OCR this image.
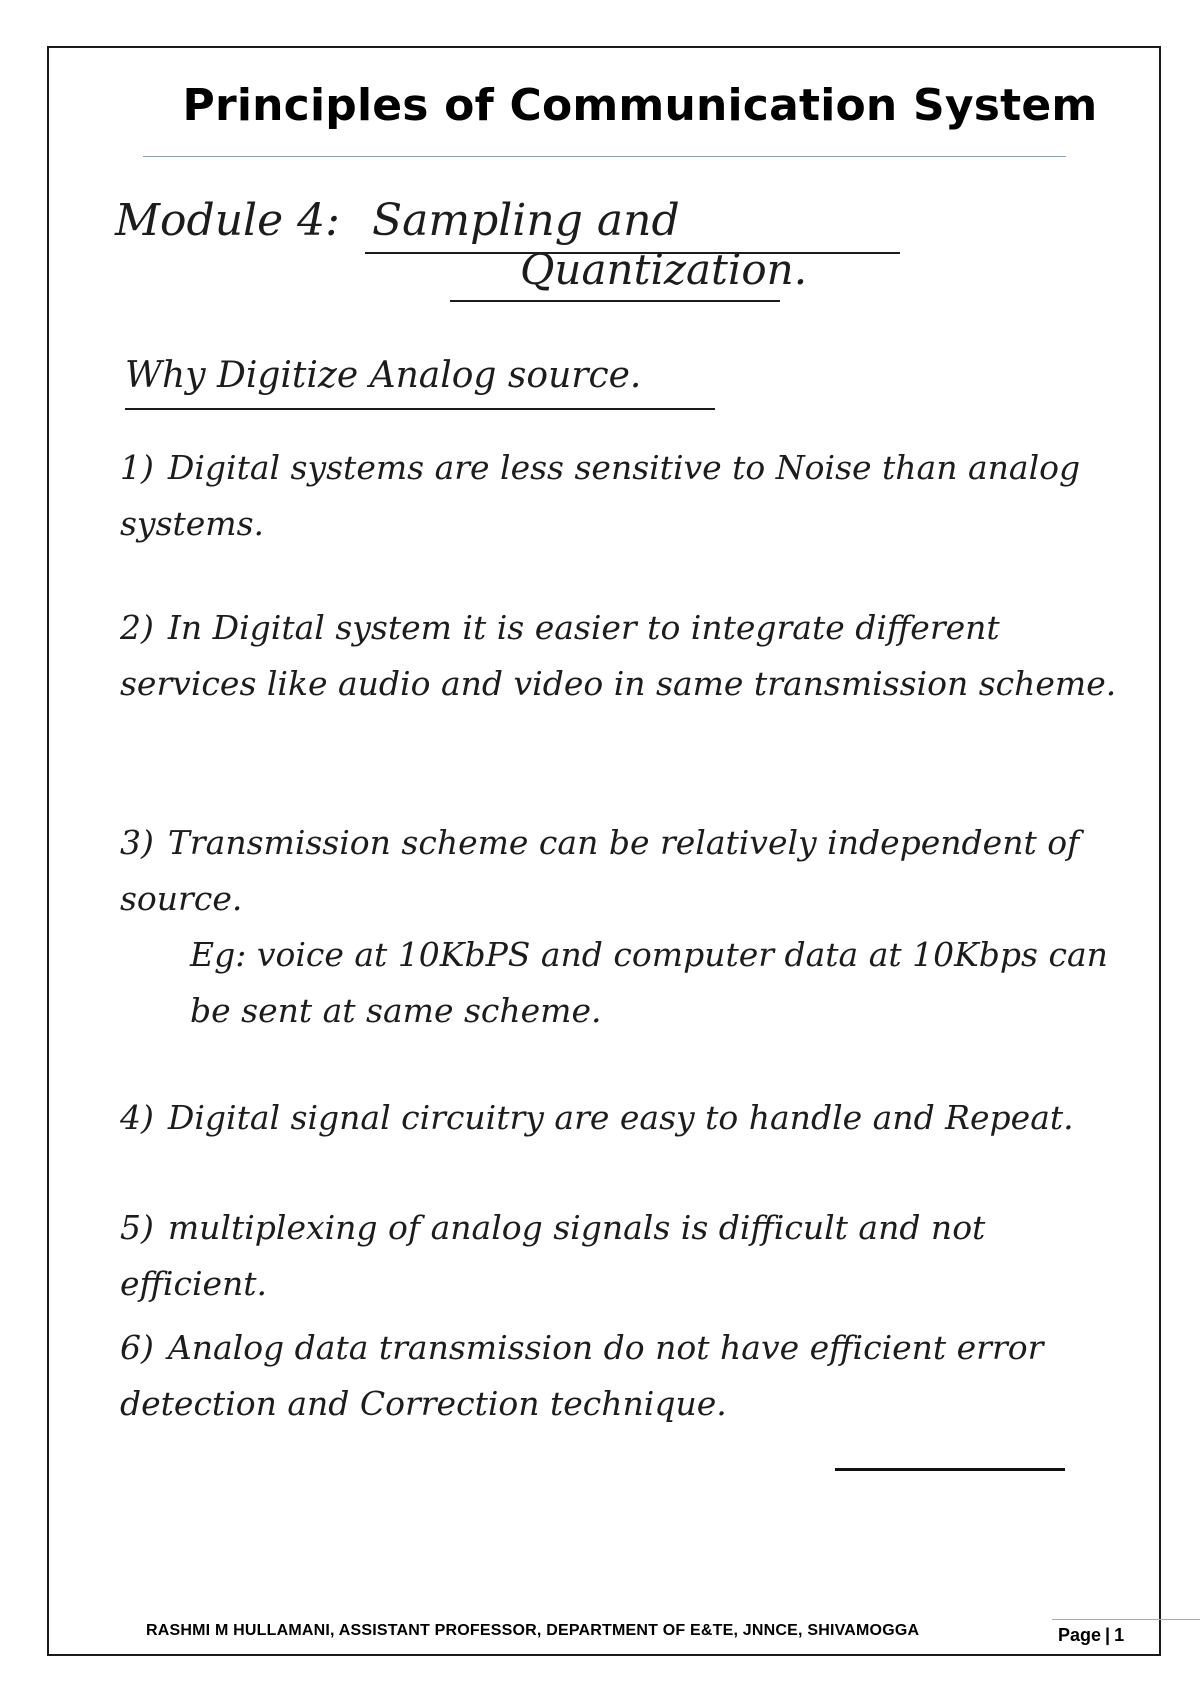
Principles of Communication System
Module 4: Sampling and
Quantization.
Why Digitize Analog source.
1) Digital systems are less sensitive to Noise than analog systems.
2) In Digital system it is easier to integrate different services like audio and video in same transmission scheme.
3) Transmission scheme can be relatively independent of source.
Eg: voice at 10KbPS and computer data at 10Kbps can be sent at same scheme.
4) Digital signal circuitry are easy to handle and Repeat.
5) multiplexing of analog signals is difficult and not efficient.
6) Analog data transmission do not have efficient error detection and Correction technique.
RASHMI M HULLAMANI, ASSISTANT PROFESSOR, DEPARTMENT OF E&TE, JNNCE, SHIVAMOGGA	Page | 1
